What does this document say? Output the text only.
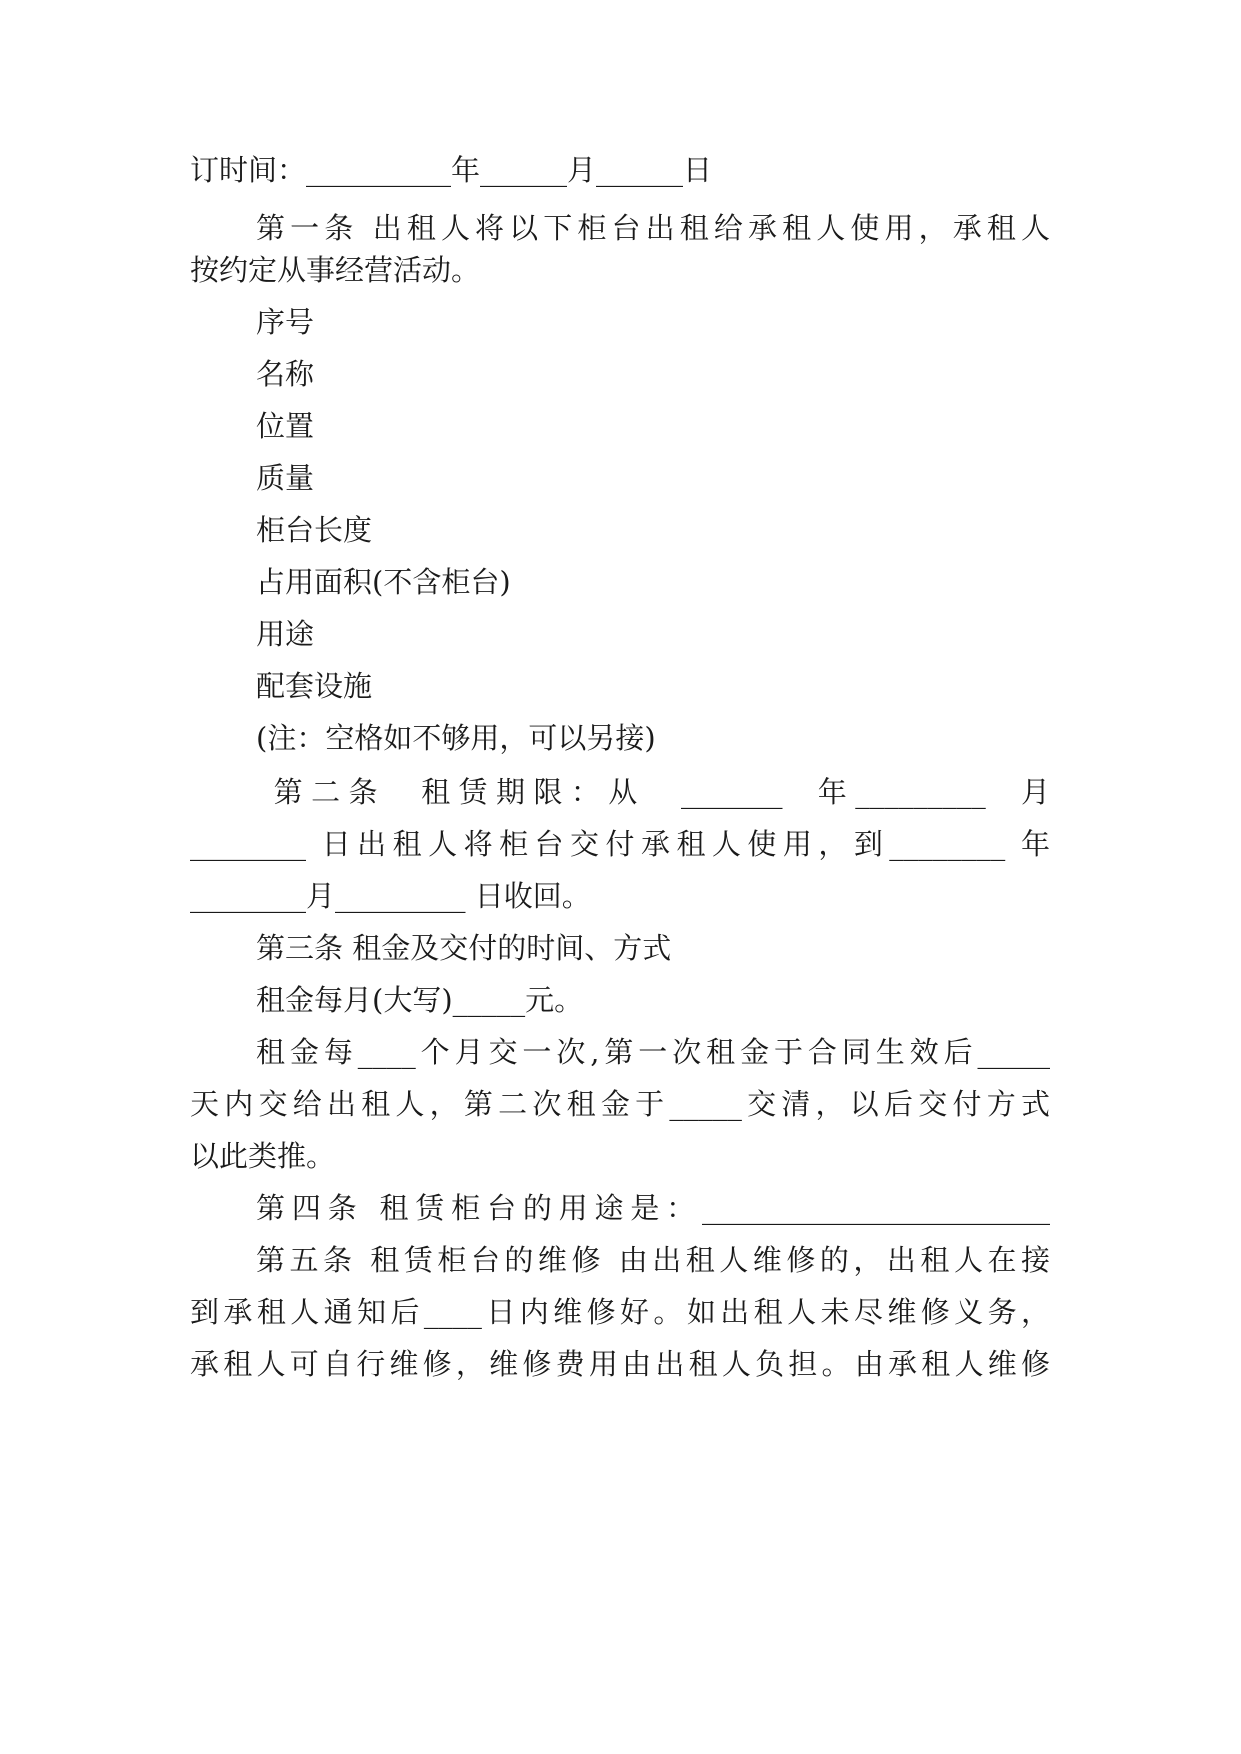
订时间：__________年______月______日
第一条 出租人将以下柜台出租给承租人使用，承租人
按约定从事经营活动。
序号
名称
位置
质量
柜台长度
占用面积(不含柜台)
用途
配套设施
(注：空格如不够用，可以另接)
第二条  租赁期限：从  _______  年_________  月
________ 日出租人将柜台交付承租人使用，到________ 年
________月_________ 日收回。
第三条 租金及交付的时间、方式
租金每月(大写)_____元。
租金每____个月交一次,第一次租金于合同生效后_____
天内交给出租人，第二次租金于_____交清，以后交付方式
以此类推。
第四条 租赁柜台的用途是：________________________
第五条 租赁柜台的维修 由出租人维修的，出租人在接
到承租人通知后____日内维修好。如出租人未尽维修义务，
承租人可自行维修，维修费用由出租人负担。由承租人维修
